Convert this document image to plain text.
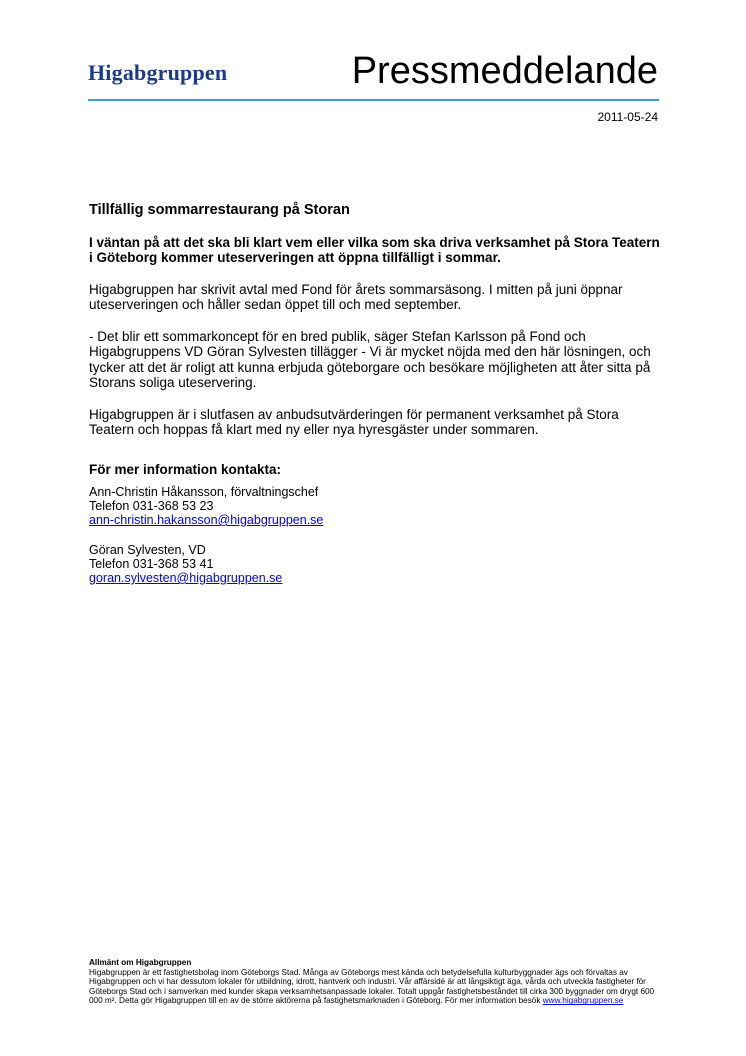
Higabgruppen	Pressmeddelande
2011-05-24
Tillfällig sommarrestaurang på Storan
I väntan på att det ska bli klart vem eller vilka som ska driva verksamhet på Stora Teatern i Göteborg kommer uteserveringen att öppna tillfälligt i sommar.
Higabgruppen har skrivit avtal med Fond för årets sommarsäsong. I mitten på juni öppnar uteserveringen och håller sedan öppet till och med september.
- Det blir ett sommarkoncept för en bred publik, säger Stefan Karlsson på Fond och Higabgruppens VD Göran Sylvesten tillägger - Vi är mycket nöjda med den här lösningen, och tycker att det är roligt att kunna erbjuda göteborgare och besökare möjligheten att åter sitta på Storans soliga uteservering.
Higabgruppen är i slutfasen av anbudsutvärderingen för permanent verksamhet på Stora Teatern och hoppas få klart med ny eller nya hyresgäster under sommaren.
För mer information kontakta:
Ann-Christin Håkansson, förvaltningschef
Telefon 031-368 53 23
ann-christin.hakansson@higabgruppen.se
Göran Sylvesten, VD
Telefon 031-368 53 41
goran.sylvesten@higabgruppen.se
Allmänt om Higabgruppen
Higabgruppen är ett fastighetsbolag inom Göteborgs Stad. Många av Göteborgs mest kända och betydelsefulla kulturbyggnader ägs och förvaltas av Higabgruppen och vi har dessutom lokaler för utbildning, idrott, hantverk och industri. Vår affärsidé är att långsiktigt äga, vårda och utveckla fastigheter för Göteborgs Stad och i samverkan med kunder skapa verksamhetsanpassade lokaler. Totalt uppgår fastighetsbeståndet till cirka 300 byggnader om drygt 600 000 m². Detta gör Higabgruppen till en av de större aktörerna på fastighetsmarknaden i Göteborg. För mer information besök www.higabgruppen.se
